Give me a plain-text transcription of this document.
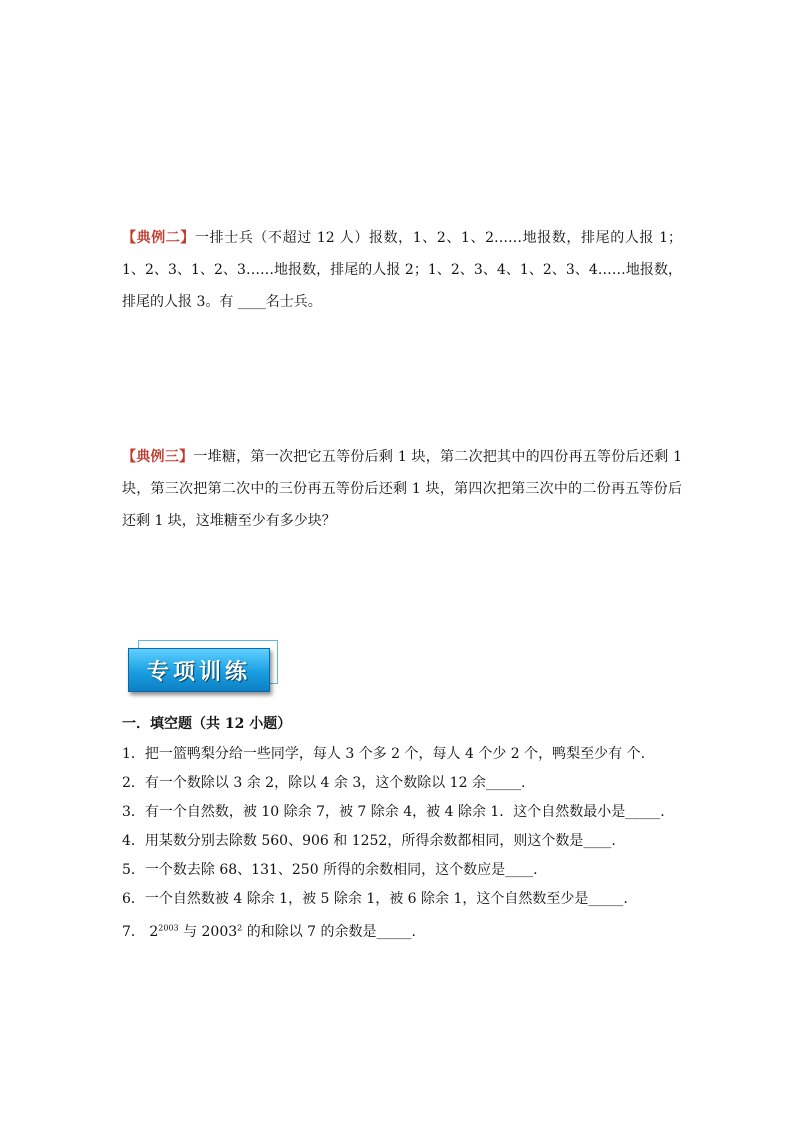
【典例二】一排士兵（不超过 12 人）报数，1、2、1、2……地报数，排尾的人报 1；1、2、3、1、2、3……地报数，排尾的人报 2；1、2、3、4、1、2、3、4……地报数，排尾的人报 3。有 ____名士兵。
【典例三】一堆糖，第一次把它五等份后剩 1 块，第二次把其中的四份再五等份后还剩 1 块，第三次把第二次中的三份再五等份后还剩 1 块，第四次把第三次中的二份再五等份后还剩 1 块，这堆糖至少有多少块？
专项训练
一．填空题（共 12 小题）
1．把一篮鸭梨分给一些同学，每人 3 个多 2 个，每人 4 个少 2 个，鸭梨至少有 个.
2．有一个数除以 3 余 2，除以 4 余 3，这个数除以 12 余_____.
3．有一个自然数，被 10 除余 7，被 7 除余 4，被 4 除余 1．这个自然数最小是_____.
4．用某数分别去除数 560、906 和 1252，所得余数都相同，则这个数是____.
5．一个数去除 68、131、250 所得的余数相同，这个数应是____.
6．一个自然数被 4 除余 1，被 5 除余 1，被 6 除余 1，这个自然数至少是_____.
7． $2^{2003}$ 与 2003$^2$ 的和除以 7 的余数是_____.
